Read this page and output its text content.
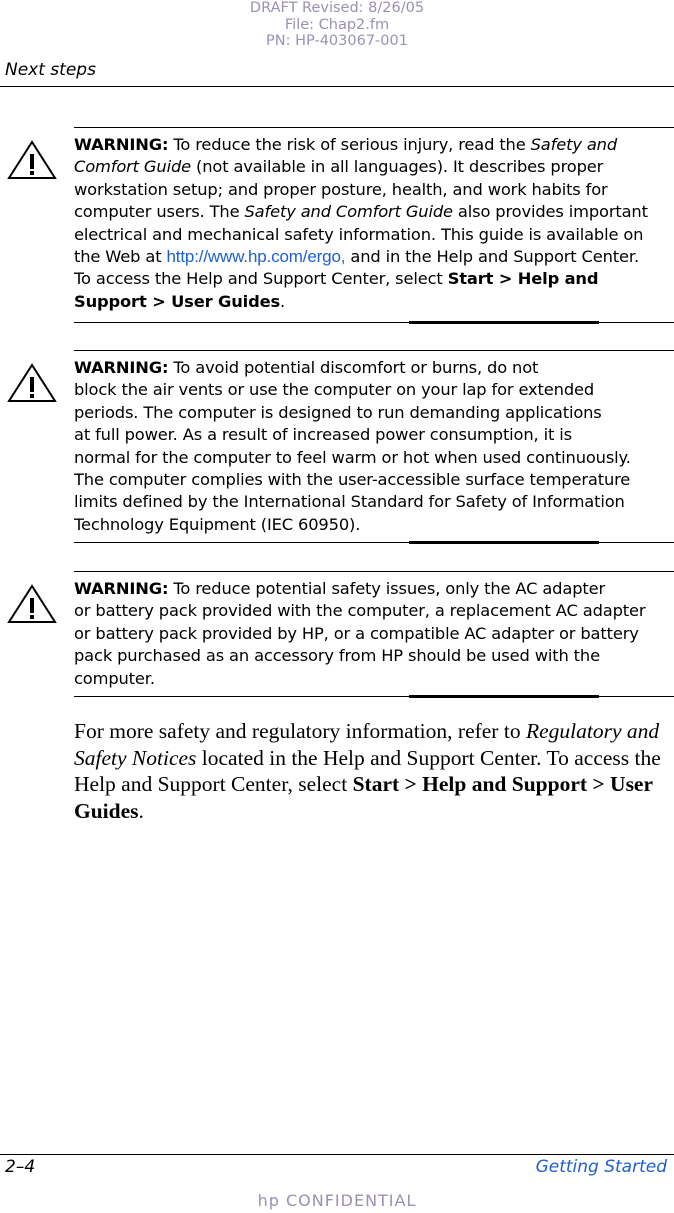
DRAFT Revised: 8/26/05
File: Chap2.fm
PN: HP-403067-001
Next steps
WARNING: To reduce the risk of serious injury, read the Safety and Comfort Guide (not available in all languages). It describes proper workstation setup; and proper posture, health, and work habits for computer users. The Safety and Comfort Guide also provides important electrical and mechanical safety information. This guide is available on the Web at http://www.hp.com/ergo, and in the Help and Support Center. To access the Help and Support Center, select Start > Help and Support > User Guides.
WARNING: To avoid potential discomfort or burns, do not
block the air vents or use the computer on your lap for extended
periods. The computer is designed to run demanding applications
at full power. As a result of increased power consumption, it is
normal for the computer to feel warm or hot when used continuously.
The computer complies with the user-accessible surface temperature
limits defined by the International Standard for Safety of Information
Technology Equipment (IEC 60950).
WARNING: To reduce potential safety issues, only the AC adapter
or battery pack provided with the computer, a replacement AC adapter
or battery pack provided by HP, or a compatible AC adapter or battery
pack purchased as an accessory from HP should be used with the
computer.
For more safety and regulatory information, refer to Regulatory and Safety Notices located in the Help and Support Center. To access the Help and Support Center, select Start > Help and Support > User Guides.
2–4	Getting Started
hp CONFIDENTIAL
